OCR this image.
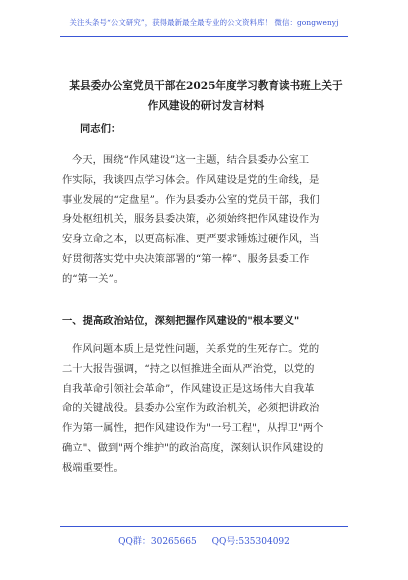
关注头条号“公文研究”，获得最新最全最专业的公文资料库！ 微信：gongwenyj
某县委办公室党员干部在2025年度学习教育读书班上关于
作风建设的研讨发言材料
同志们：

今天，围绕“作风建设”这一主题，结合县委办公室工
作实际，我谈四点学习体会。作风建设是党的生命线，是
事业发展的“定盘星”。作为县委办公室的党员干部，我们
身处枢纽机关，服务县委决策，必须始终把作风建设作为
安身立命之本，以更高标准、更严要求锤炼过硬作风，当
好贯彻落实党中央决策部署的“第一棒”、服务县委工作
的“第一关”。

一、提高政治站位，深刻把握作风建设的"根本要义"

作风问题本质上是党性问题，关系党的生死存亡。党的
二十大报告强调，“持之以恒推进全面从严治党，以党的
自我革命引领社会革命”，作风建设正是这场伟大自我革
命的关键战役。县委办公室作为政治机关，必须把讲政治
作为第一属性，把作风建设作为"一号工程"，从捍卫"两个
确立"、做到"两个维护"的政治高度，深刻认识作风建设的
极端重要性。

QQ群：30265665 QQ号:535304092
